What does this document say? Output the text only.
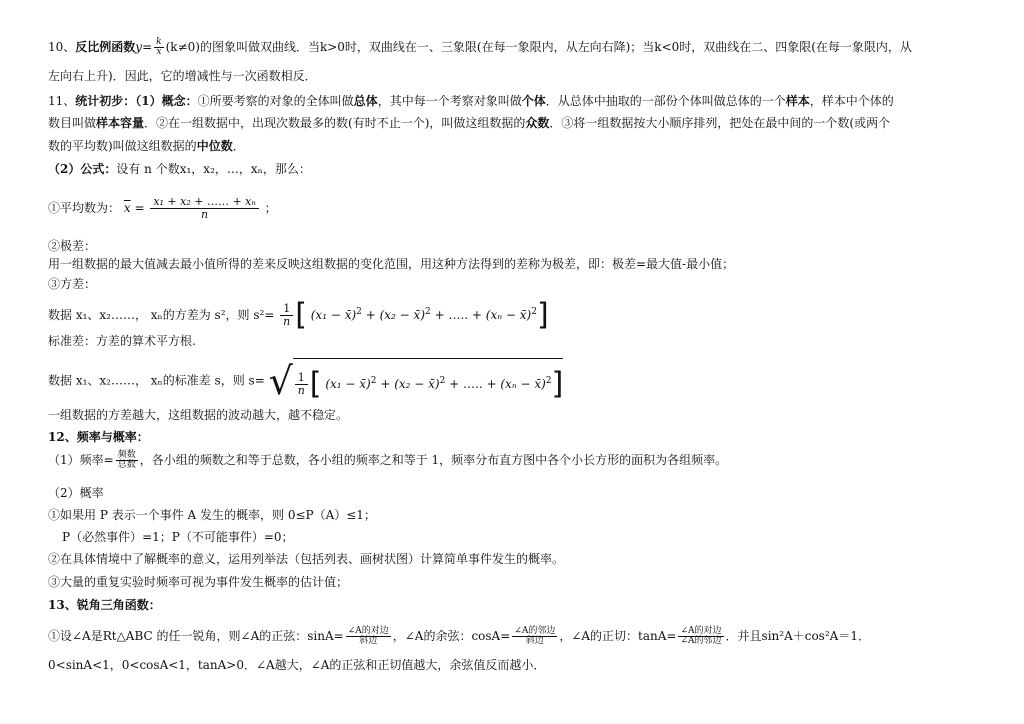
10、反比例函数$y= \frac{k}{x} (k\ne 0)$的图象叫做双曲线．当k>0时，双曲线在一、三象限(在每一象限内，从左向右降)；当k<0时，双曲线在二、四象限(在每一象限内，从
左向右上升)．因此，它的增减性与一次函数相反．
11、统计初步：（1）概念：①所要考察的对象的全体叫做总体，其中每一个考察对象叫做个体．从总体中抽取的一部份个体叫做总体的一个样本，样本中个体的
数目叫做样本容量．②在一组数据中，出现次数最多的数(有时不止一个)，叫做这组数据的众数．③将一组数据按大小顺序排列，把处在最中间的一个数(或两个
数的平均数)叫做这组数据的中位数．
（2）公式：设有 n 个数x₁，x₂，…，xₙ，那么：
①平均数为： $\overline{x} = \frac{\text{x₁ + x₂ + …… + xₙ}}{n}$ ；
②极差：
用一组数据的最大值减去最小值所得的差来反映这组数据的变化范围，用这种方法得到的差称为极差，即：极差=最大值-最小值；
③方差：
数据 x₁、x₂……， xₙ的方差为 s²，则 $s^2= \frac{1}{n}$ [ (x₁ − x̄)$^2$ + (x₂ − x̄)$^2$ + ….. + (xₙ − x̄)$^2$]
标准差：方差的算术平方根.
数据 x₁、x₂……， xₙ的标准差 s，则 s= √ $\frac{1}{n}$ [ (x₁ − x̄)$^2$ + (x₂ − x̄)$^2$ + ….. + (xₙ − x̄)$^2$]
一组数据的方差越大，这组数据的波动越大，越不稳定。
12、频率与概率：
（1）频率= $\frac{\text{频数}}{\text{总数}}$ ，各小组的频数之和等于总数，各小组的频率之和等于 1，频率分布直方图中各个小长方形的面积为各组频率。
（2）概率
①如果用 P 表示一个事件 A 发生的概率，则 0≤P（A）≤1；
P（必然事件）=1；P（不可能事件）=0；
②在具体情境中了解概率的意义，运用列举法（包括列表、画树状图）计算简单事件发生的概率。
③大量的重复实验时频率可视为事件发生概率的估计值；
13、锐角三角函数：
①设∠A是Rt△ABC 的任一锐角，则∠A的正弦：$\sin A= \frac{\text{∠A的对边}}{\text{斜边}}$ ，∠A的余弦：$\cos A= \frac{\text{∠A的邻边}}{\text{斜边}}$ ，∠A的正切：$\tan A= \frac{\text{∠A的对边}}{\text{∠A的邻边}}$ ．并且sin²A＋cos²A＝1．
0<sinA<1，0<cosA<1，tanA>0．∠A越大，∠A的正弦和正切值越大，余弦值反而越小．
